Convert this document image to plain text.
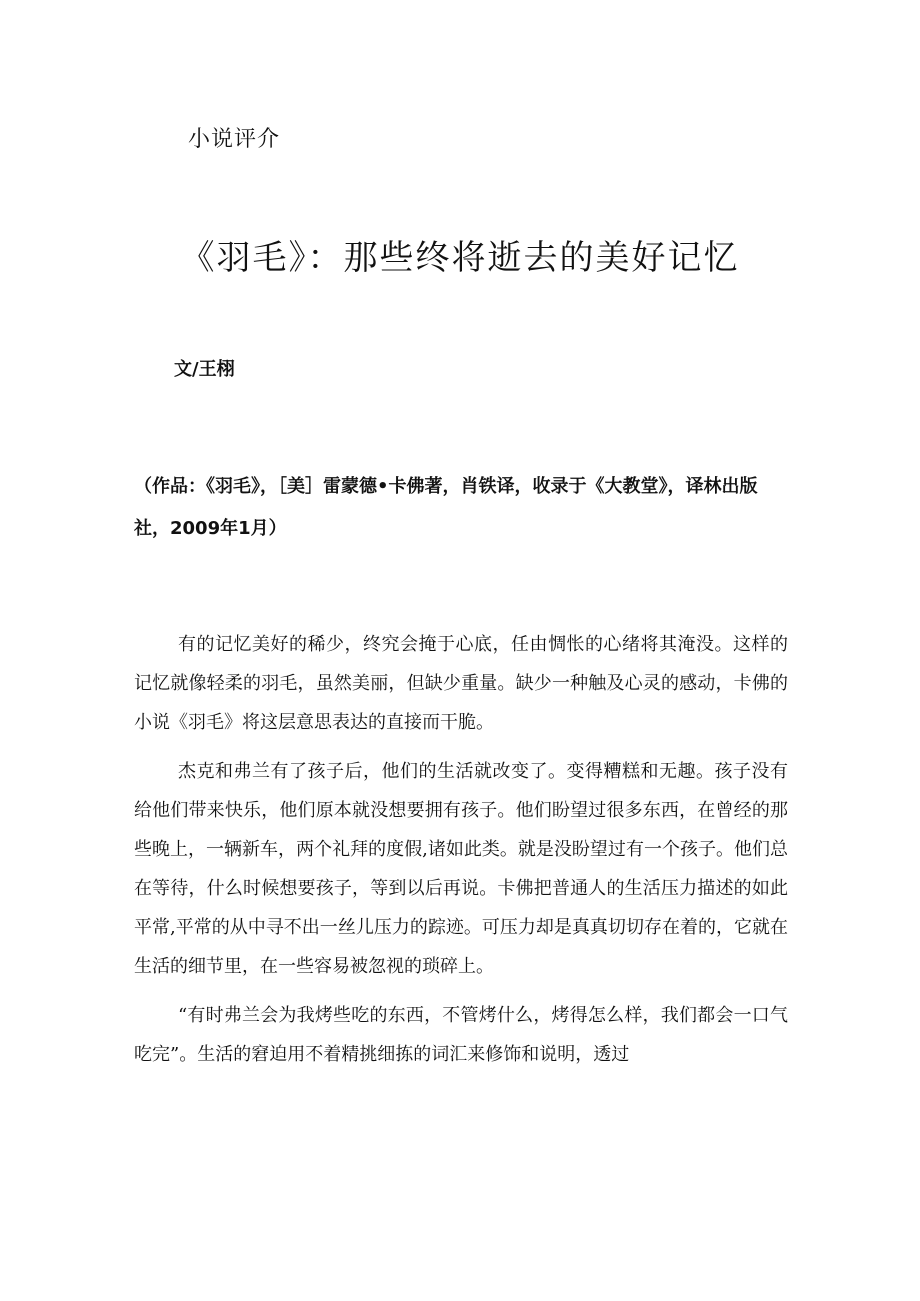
小说评介
《羽毛》：那些终将逝去的美好记忆
文/王栩
（作品：《羽毛》，［美］雷蒙德•卡佛著，肖铁译，收录于《大教堂》，译林出版社，2009年1月）

有的记忆美好的稀少，终究会掩于心底，任由惆怅的心绪将其淹没。这样的记忆就像轻柔的羽毛，虽然美丽，但缺少重量。缺少一种触及心灵的感动，卡佛的小说《羽毛》将这层意思表达的直接而干脆。

杰克和弗兰有了孩子后，他们的生活就改变了。变得糟糕和无趣。孩子没有给他们带来快乐，他们原本就没想要拥有孩子。他们盼望过很多东西，在曾经的那些晚上，一辆新车，两个礼拜的度假,诸如此类。就是没盼望过有一个孩子。他们总在等待，什么时候想要孩子，等到以后再说。卡佛把普通人的生活压力描述的如此平常,平常的从中寻不出一丝儿压力的踪迹。可压力却是真真切切存在着的，它就在生活的细节里，在一些容易被忽视的琐碎上。

“有时弗兰会为我烤些吃的东西，不管烤什么，烤得怎么样，我们都会一口气吃完”。生活的窘迫用不着精挑细拣的词汇来修饰和说明，透过
